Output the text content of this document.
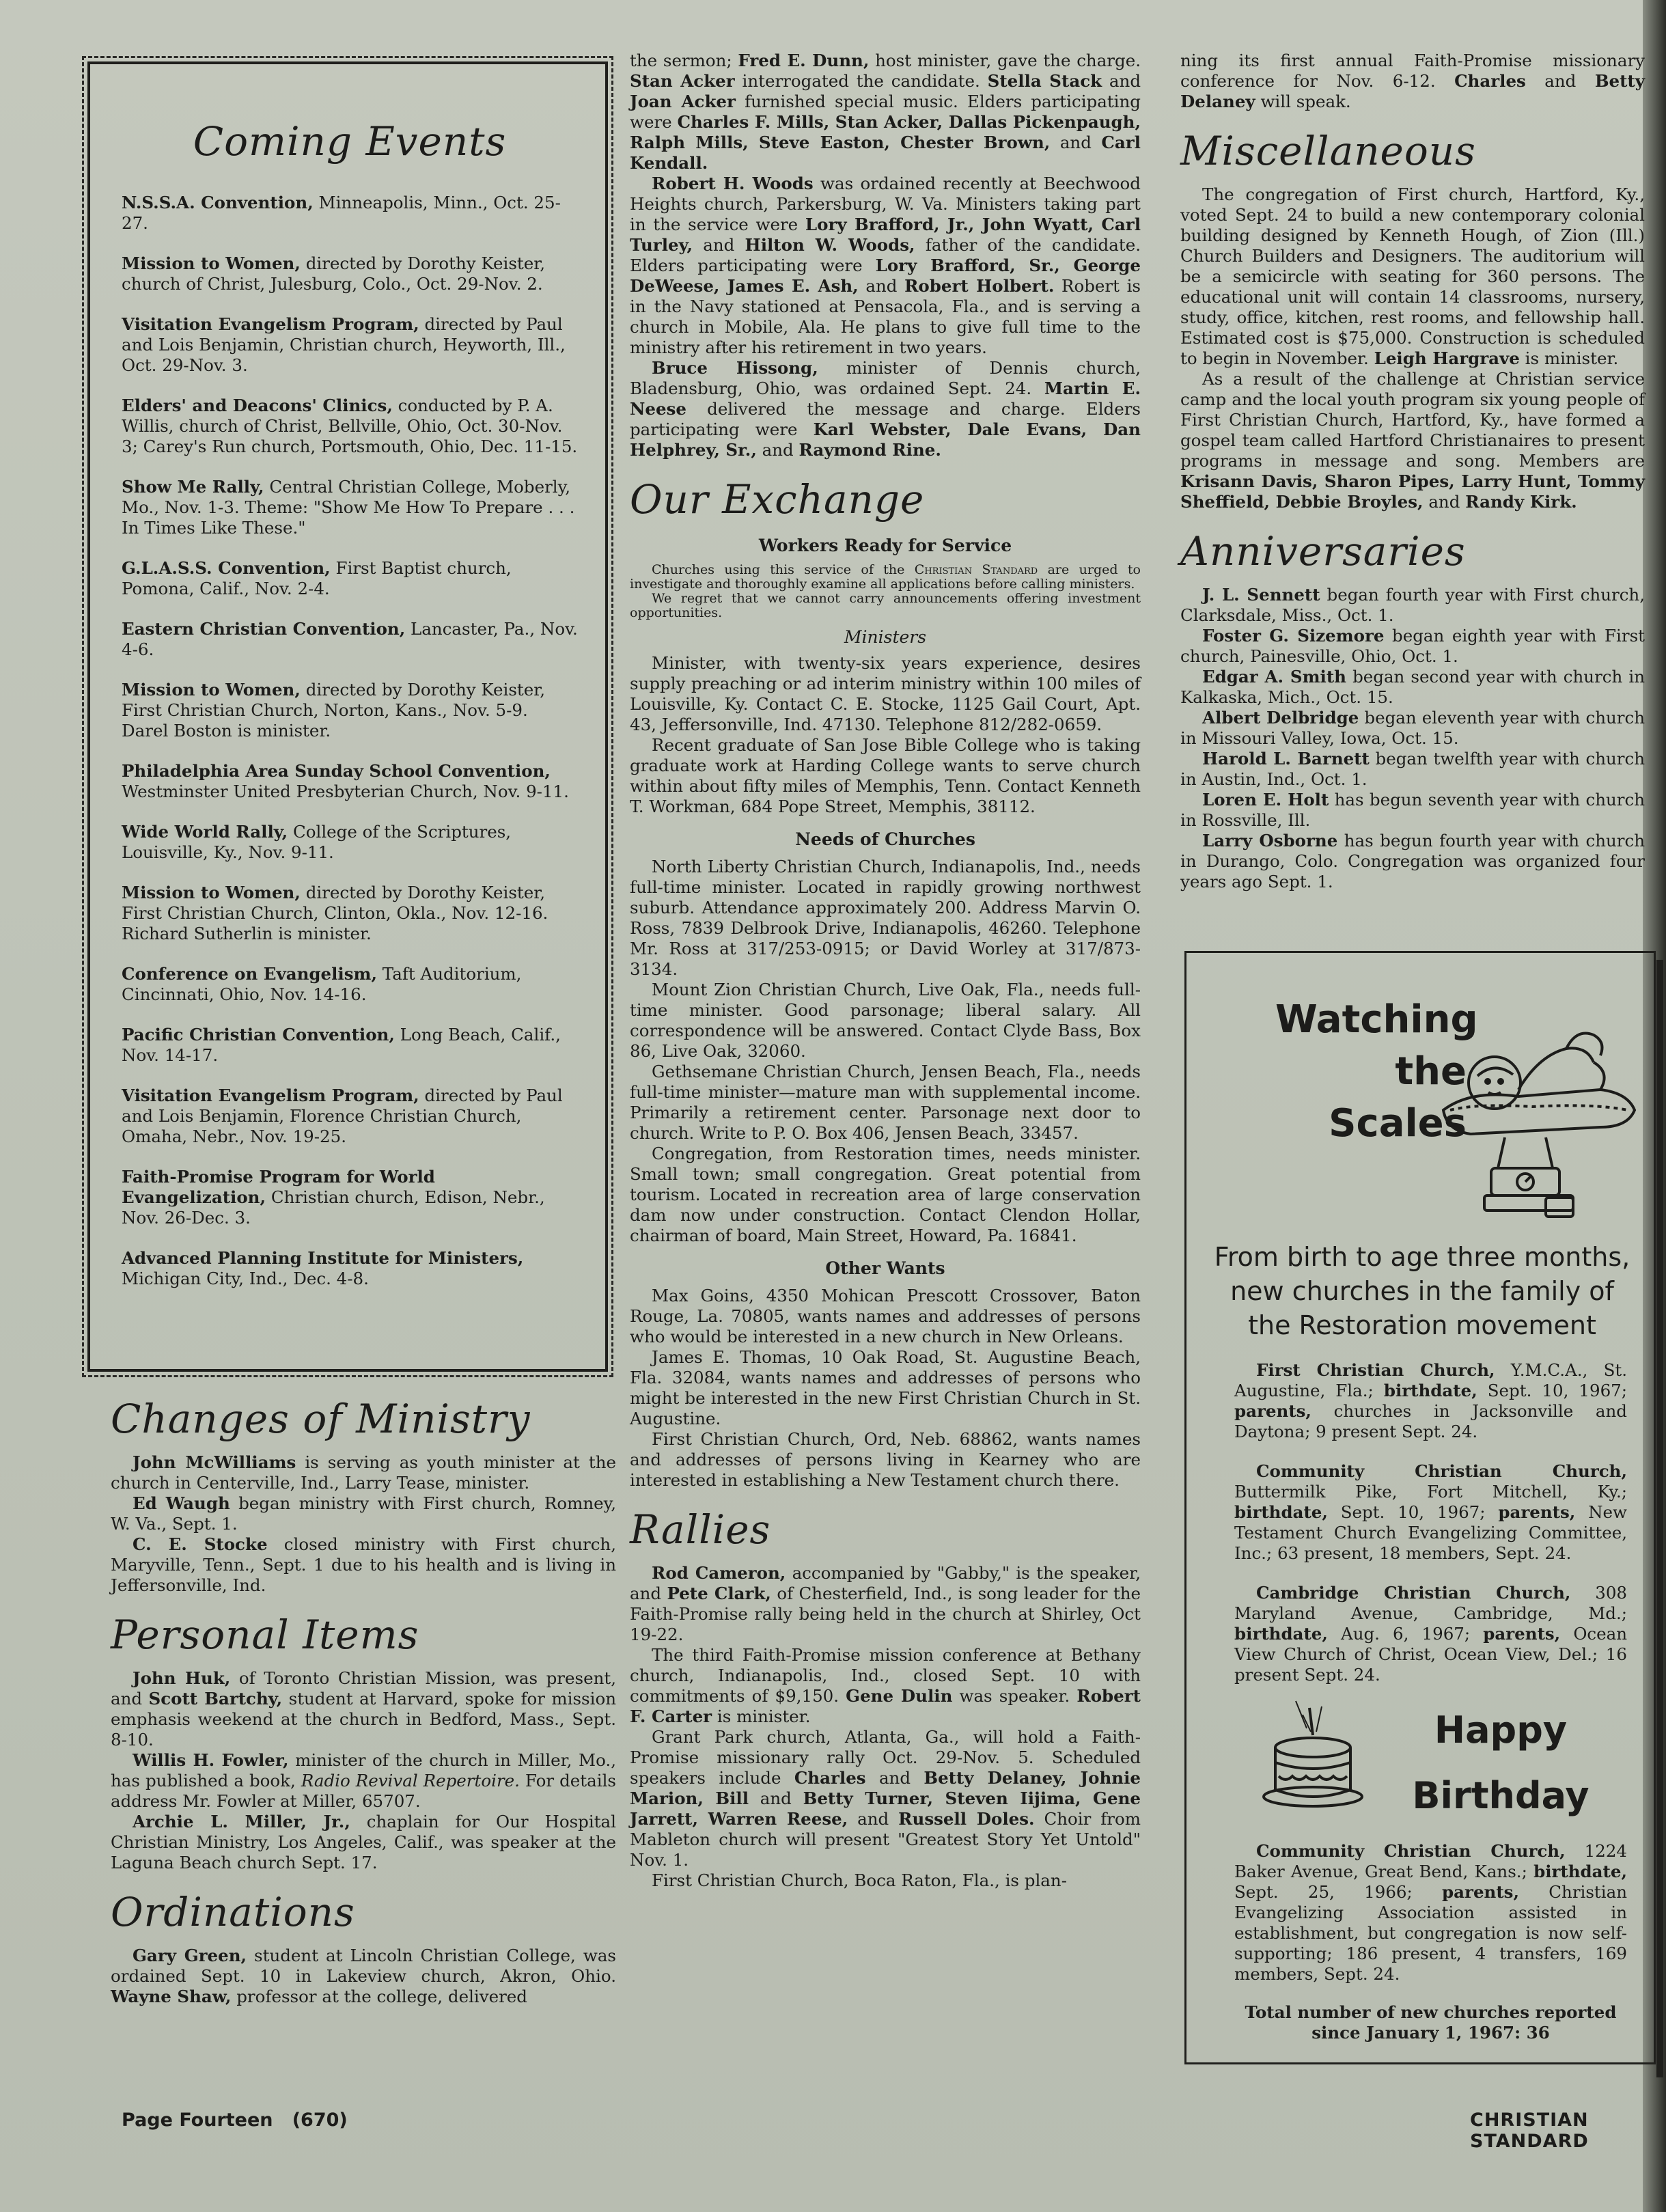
Coming Events

N.S.S.A. Convention, Minneapolis, Minn., Oct. 25-27.

Mission to Women, directed by Dorothy Keister, church of Christ, Julesburg, Colo., Oct. 29-Nov. 2.

Visitation Evangelism Program, directed by Paul and Lois Benjamin, Christian church, Heyworth, Ill., Oct. 29-Nov. 3.

Elders' and Deacons' Clinics, conducted by P. A. Willis, church of Christ, Bellville, Ohio, Oct. 30-Nov. 3; Carey's Run church, Portsmouth, Ohio, Dec. 11-15.

Show Me Rally, Central Christian College, Moberly, Mo., Nov. 1-3. Theme: "Show Me How To Prepare . . . In Times Like These."

G.L.A.S.S. Convention, First Baptist church, Pomona, Calif., Nov. 2-4.

Eastern Christian Convention, Lancaster, Pa., Nov. 4-6.

Mission to Women, directed by Dorothy Keister, First Christian Church, Norton, Kans., Nov. 5-9. Darel Boston is minister.

Philadelphia Area Sunday School Convention, Westminster United Presbyterian Church, Nov. 9-11.

Wide World Rally, College of the Scriptures, Louisville, Ky., Nov. 9-11.

Mission to Women, directed by Dorothy Keister, First Christian Church, Clinton, Okla., Nov. 12-16. Richard Sutherlin is minister.

Conference on Evangelism, Taft Auditorium, Cincinnati, Ohio, Nov. 14-16.

Pacific Christian Convention, Long Beach, Calif., Nov. 14-17.

Visitation Evangelism Program, directed by Paul and Lois Benjamin, Florence Christian Church, Omaha, Nebr., Nov. 19-25.

Faith-Promise Program for World Evangelization, Christian church, Edison, Nebr., Nov. 26-Dec. 3.

Advanced Planning Institute for Ministers, Michigan City, Ind., Dec. 4-8.

Changes of Ministry

John McWilliams is serving as youth minister at the church in Centerville, Ind., Larry Tease, minister.

Ed Waugh began ministry with First church, Romney, W. Va., Sept. 1.

C. E. Stocke closed ministry with First church, Maryville, Tenn., Sept. 1 due to his health and is living in Jeffersonville, Ind.

Personal Items

John Huk, of Toronto Christian Mission, was present, and Scott Bartchy, student at Harvard, spoke for mission emphasis weekend at the church in Bedford, Mass., Sept. 8-10.

Willis H. Fowler, minister of the church in Miller, Mo., has published a book, Radio Revival Repertoire. For details address Mr. Fowler at Miller, 65707.

Archie L. Miller, Jr., chaplain for Our Hospital Christian Ministry, Los Angeles, Calif., was speaker at the Laguna Beach church Sept. 17.

Ordinations

Gary Green, student at Lincoln Christian College, was ordained Sept. 10 in Lakeview church, Akron, Ohio. Wayne Shaw, professor at the college, delivered

the sermon; Fred E. Dunn, host minister, gave the charge. Stan Acker interrogated the candidate. Stella Stack and Joan Acker furnished special music. Elders participating were Charles F. Mills, Stan Acker, Dallas Pickenpaugh, Ralph Mills, Steve Easton, Chester Brown, and Carl Kendall.

Robert H. Woods was ordained recently at Beechwood Heights church, Parkersburg, W. Va. Ministers taking part in the service were Lory Brafford, Jr., John Wyatt, Carl Turley, and Hilton W. Woods, father of the candidate. Elders participating were Lory Brafford, Sr., George DeWeese, James E. Ash, and Robert Holbert. Robert is in the Navy stationed at Pensacola, Fla., and is serving a church in Mobile, Ala. He plans to give full time to the ministry after his retirement in two years.

Bruce Hissong, minister of Dennis church, Bladensburg, Ohio, was ordained Sept. 24. Martin E. Neese delivered the message and charge. Elders participating were Karl Webster, Dale Evans, Dan Helphrey, Sr., and Raymond Rine.

Our Exchange
Workers Ready for Service

Churches using this service of the Christian Standard are urged to investigate and thoroughly examine all applications before calling ministers.

We regret that we cannot carry announcements offering investment opportunities.

Ministers

Minister, with twenty-six years experience, desires supply preaching or ad interim ministry within 100 miles of Louisville, Ky. Contact C. E. Stocke, 1125 Gail Court, Apt. 43, Jeffersonville, Ind. 47130. Telephone 812/282-0659.

Recent graduate of San Jose Bible College who is taking graduate work at Harding College wants to serve church within about fifty miles of Memphis, Tenn. Contact Kenneth T. Workman, 684 Pope Street, Memphis, 38112.

Needs of Churches

North Liberty Christian Church, Indianapolis, Ind., needs full-time minister. Located in rapidly growing northwest suburb. Attendance approximately 200. Address Marvin O. Ross, 7839 Delbrook Drive, Indianapolis, 46260. Telephone Mr. Ross at 317/253-0915; or David Worley at 317/873-3134.

Mount Zion Christian Church, Live Oak, Fla., needs full-time minister. Good parsonage; liberal salary. All correspondence will be answered. Contact Clyde Bass, Box 86, Live Oak, 32060.

Gethsemane Christian Church, Jensen Beach, Fla., needs full-time minister—mature man with supplemental income. Primarily a retirement center. Parsonage next door to church. Write to P. O. Box 406, Jensen Beach, 33457.

Congregation, from Restoration times, needs minister. Small town; small congregation. Great potential from tourism. Located in recreation area of large conservation dam now under construction. Contact Clendon Hollar, chairman of board, Main Street, Howard, Pa. 16841.

Other Wants

Max Goins, 4350 Mohican Prescott Crossover, Baton Rouge, La. 70805, wants names and addresses of persons who would be interested in a new church in New Orleans.

James E. Thomas, 10 Oak Road, St. Augustine Beach, Fla. 32084, wants names and addresses of persons who might be interested in the new First Christian Church in St. Augustine.

First Christian Church, Ord, Neb. 68862, wants names and addresses of persons living in Kearney who are interested in establishing a New Testament church there.

Rallies

Rod Cameron, accompanied by "Gabby," is the speaker, and Pete Clark, of Chesterfield, Ind., is song leader for the Faith-Promise rally being held in the church at Shirley, Oct 19-22.

The third Faith-Promise mission conference at Bethany church, Indianapolis, Ind., closed Sept. 10 with commitments of $9,150. Gene Dulin was speaker. Robert F. Carter is minister.

Grant Park church, Atlanta, Ga., will hold a Faith-Promise missionary rally Oct. 29-Nov. 5. Scheduled speakers include Charles and Betty Delaney, Johnie Marion, Bill and Betty Turner, Steven Iijima, Gene Jarrett, Warren Reese, and Russell Doles. Choir from Mableton church will present "Greatest Story Yet Untold" Nov. 1.

First Christian Church, Boca Raton, Fla., is plan-

ning its first annual Faith-Promise missionary conference for Nov. 6-12. Charles and Betty Delaney will speak.

Miscellaneous

The congregation of First church, Hartford, Ky., voted Sept. 24 to build a new contemporary colonial building designed by Kenneth Hough, of Zion (Ill.) Church Builders and Designers. The auditorium will be a semicircle with seating for 360 persons. The educational unit will contain 14 classrooms, nursery, study, office, kitchen, rest rooms, and fellowship hall. Estimated cost is $75,000. Construction is scheduled to begin in November. Leigh Hargrave is minister.

As a result of the challenge at Christian service camp and the local youth program six young people of First Christian Church, Hartford, Ky., have formed a gospel team called Hartford Christianaires to present programs in message and song. Members are Krisann Davis, Sharon Pipes, Larry Hunt, Tommy Sheffield, Debbie Broyles, and Randy Kirk.

Anniversaries

J. L. Sennett began fourth year with First church, Clarksdale, Miss., Oct. 1.

Foster G. Sizemore began eighth year with First church, Painesville, Ohio, Oct. 1.

Edgar A. Smith began second year with church in Kalkaska, Mich., Oct. 15.

Albert Delbridge began eleventh year with church in Missouri Valley, Iowa, Oct. 15.

Harold L. Barnett began twelfth year with church in Austin, Ind., Oct. 1.

Loren E. Holt has begun seventh year with church in Rossville, Ill.

Larry Osborne has begun fourth year with church in Durango, Colo. Congregation was organized four years ago Sept. 1.

Watching
the
Scales
From birth to age three months, new churches in the family of the Restoration movement

First Christian Church, Y.M.C.A., St. Augustine, Fla.; birthdate, Sept. 10, 1967; parents, churches in Jacksonville and Daytona; 9 present Sept. 24.

Community Christian Church, Buttermilk Pike, Fort Mitchell, Ky.; birthdate, Sept. 10, 1967; parents, New Testament Church Evangelizing Committee, Inc.; 63 present, 18 members, Sept. 24.

Cambridge Christian Church, 308 Maryland Avenue, Cambridge, Md.; birthdate, Aug. 6, 1967; parents, Ocean View Church of Christ, Ocean View, Del.; 16 present Sept. 24.

Happy
Birthday

Community Christian Church, 1224 Baker Avenue, Great Bend, Kans.; birthdate, Sept. 25, 1966; parents, Christian Evangelizing Association assisted in establishment, but congregation is now self-supporting; 186 present, 4 transfers, 169 members, Sept. 24.

Total number of new churches reported since January 1, 1967: 36
Page Fourteen   (670)	CHRISTIAN STANDARD
